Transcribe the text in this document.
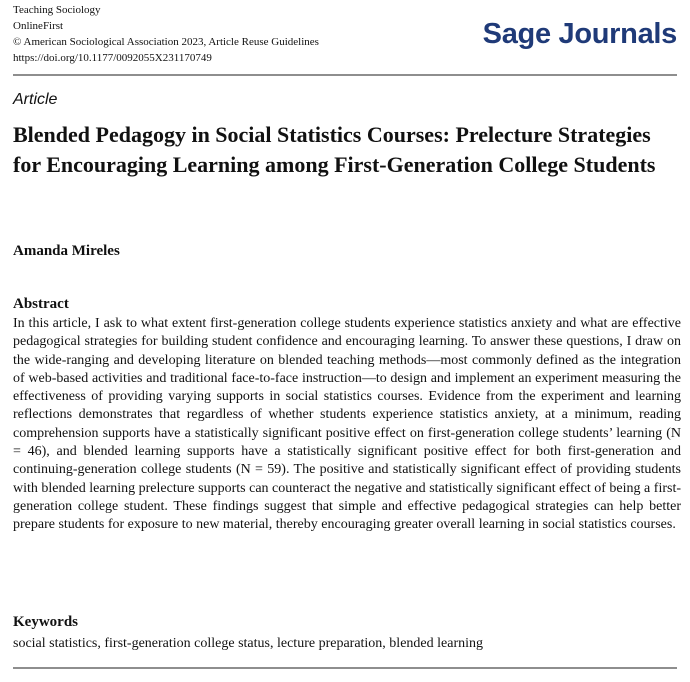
Teaching Sociology
OnlineFirst
© American Sociological Association 2023, Article Reuse Guidelines
https://doi.org/10.1177/0092055X231170749
Sage Journals
Article
Blended Pedagogy in Social Statistics Courses: Prelecture Strategies for Encouraging Learning among First-Generation College Students
Amanda Mireles
Abstract
In this article, I ask to what extent first-generation college students experience statistics anxiety and what are effective pedagogical strategies for building student confidence and encouraging learning. To answer these questions, I draw on the wide-ranging and developing literature on blended teaching methods—most commonly defined as the integration of web-based activities and traditional face-to-face instruction—to design and implement an experiment measuring the effectiveness of providing varying supports in social statistics courses. Evidence from the experiment and learning reflections demonstrates that regardless of whether students experience statistics anxiety, at a minimum, reading comprehension supports have a statistically significant positive effect on first-generation college students’ learning (N = 46), and blended learning supports have a statistically significant positive effect for both first-generation and continuing-generation college students (N = 59). The positive and statistically significant effect of providing students with blended learning prelecture supports can counteract the negative and statistically significant effect of being a first-generation college student. These findings suggest that simple and effective pedagogical strategies can help better prepare students for exposure to new material, thereby encouraging greater overall learning in social statistics courses.
Keywords
social statistics, first-generation college status, lecture preparation, blended learning
